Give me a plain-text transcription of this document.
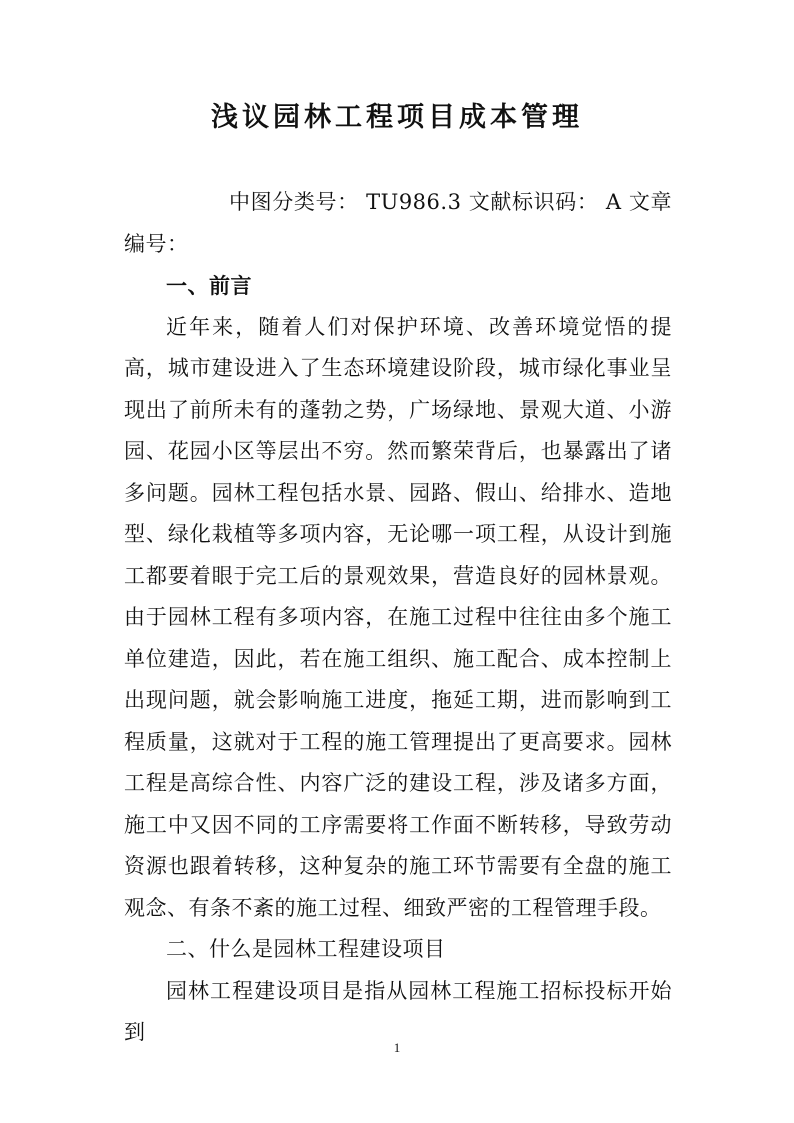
浅议园林工程项目成本管理

中图分类号： TU986.3 文献标识码： A 文章编号：

一、前言

近年来，随着人们对保护环境、改善环境觉悟的提高，城市建设进入了生态环境建设阶段，城市绿化事业呈现出了前所未有的蓬勃之势，广场绿地、景观大道、小游园、花园小区等层出不穷。然而繁荣背后，也暴露出了诸多问题。园林工程包括水景、园路、假山、给排水、造地型、绿化栽植等多项内容，无论哪一项工程，从设计到施工都要着眼于完工后的景观效果，营造良好的园林景观。由于园林工程有多项内容，在施工过程中往往由多个施工单位建造，因此，若在施工组织、施工配合、成本控制上出现问题，就会影响施工进度，拖延工期，进而影响到工程质量，这就对于工程的施工管理提出了更高要求。园林工程是高综合性、内容广泛的建设工程，涉及诸多方面，施工中又因不同的工序需要将工作面不断转移，导致劳动资源也跟着转移，这种复杂的施工环节需要有全盘的施工观念、有条不紊的施工过程、细致严密的工程管理手段。

二、什么是园林工程建设项目

园林工程建设项目是指从园林工程施工招标投标开始到

1
